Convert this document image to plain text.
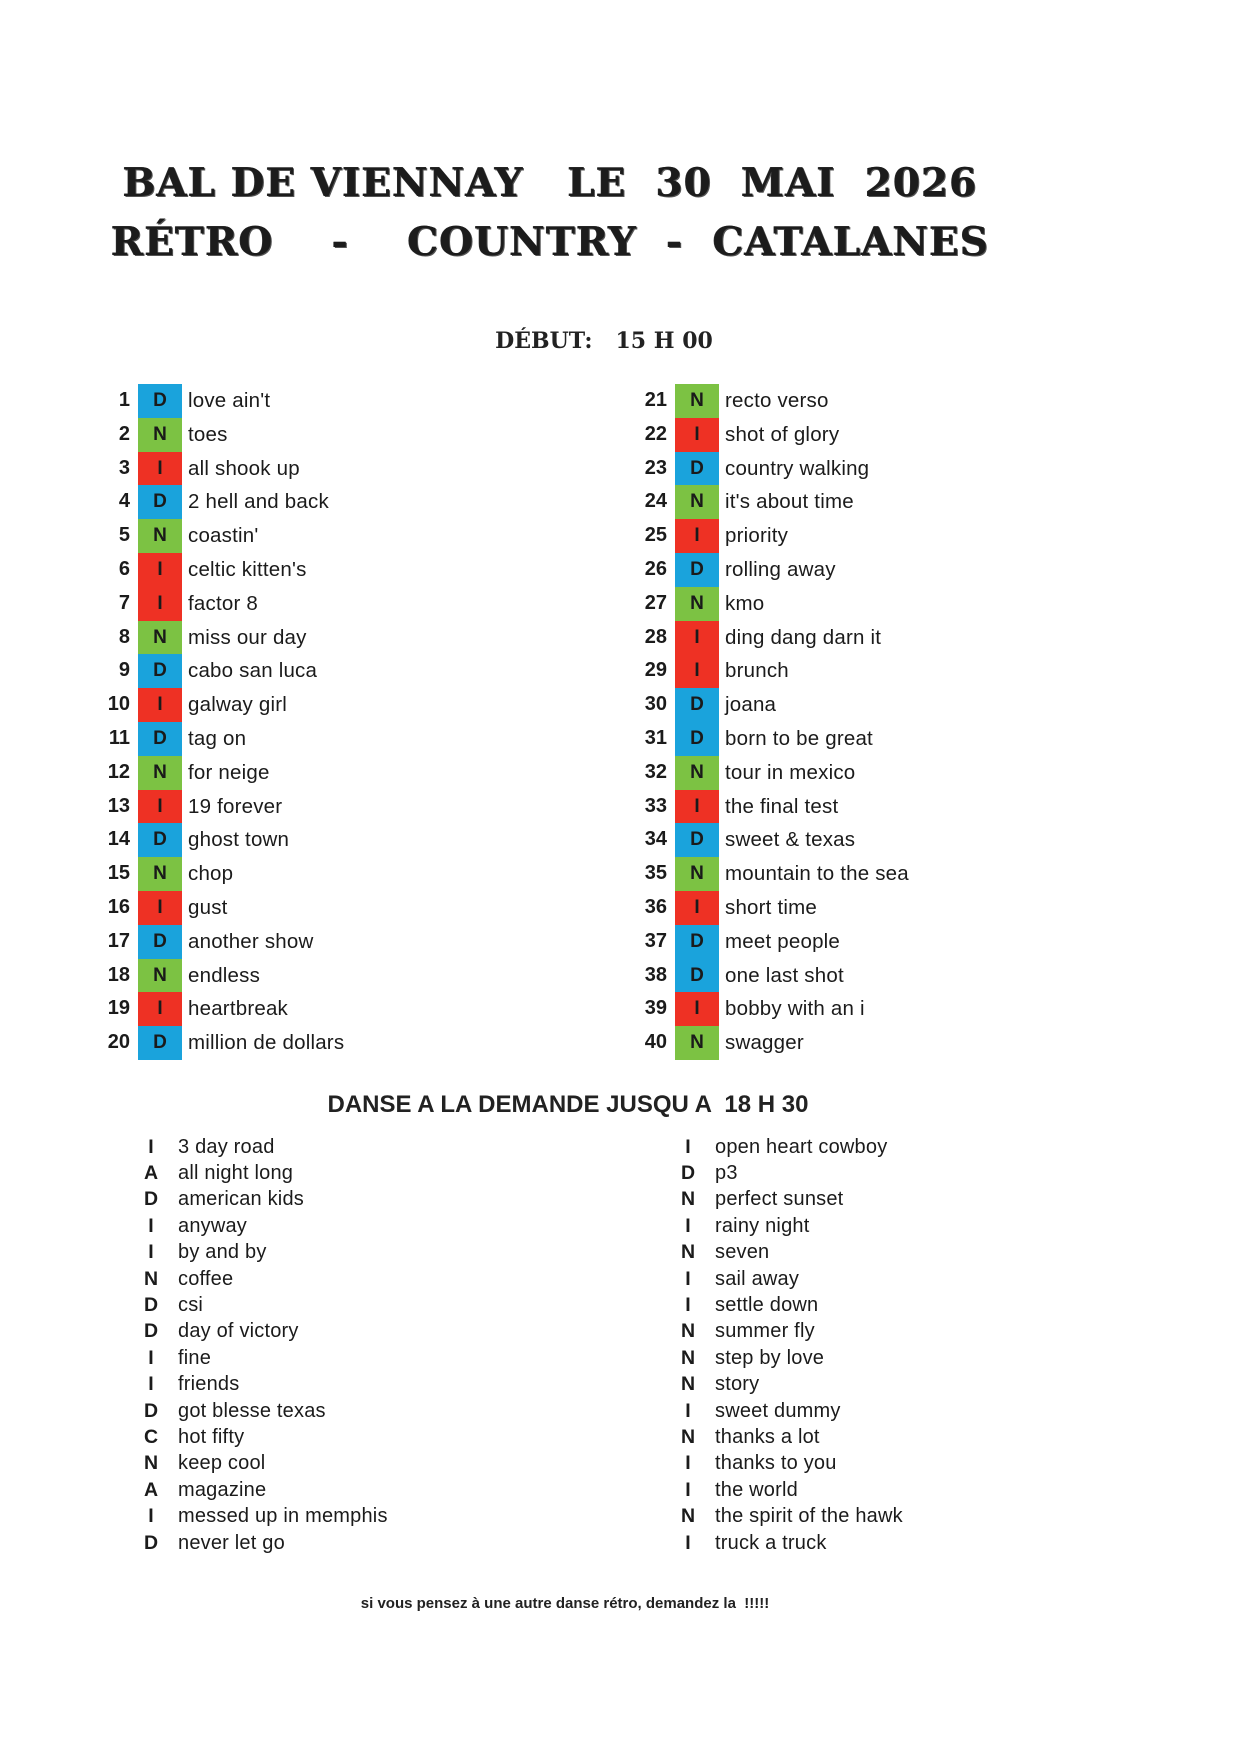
BAL DE VIENNAY   LE  30  MAI  2026
RÉTRO    -    COUNTRY  -  CATALANES
DÉBUT:   15 H 00
1	D	love ain't
2	N	toes
3	I	all shook up
4	D	2 hell and back
5	N	coastin'
6	I	celtic kitten's
7	I	factor 8
8	N	miss our day
9	D	cabo san luca
10	I	galway girl
11	D	tag on
12	N	for neige
13	I	19 forever
14	D	ghost town
15	N	chop
16	I	gust
17	D	another show
18	N	endless
19	I	heartbreak
20	D	million de dollars
21	N	recto verso
22	I	shot of glory
23	D	country walking
24	N	it's about time
25	I	priority
26	D	rolling away
27	N	kmo
28	I	ding dang darn it
29	I	brunch
30	D	joana
31	D	born to be great
32	N	tour in mexico
33	I	the final test
34	D	sweet & texas
35	N	mountain to the sea
36	I	short time
37	D	meet people
38	D	one last shot
39	I	bobby with an i
40	N	swagger
DANSE A LA DEMANDE JUSQU A  18 H 30
I	3 day road
A all night long
D american kids
I	anyway
I	by and by
N coffee
D csi
D day of victory
I	fine
I	friends
D got blesse texas
C hot fifty
N keep cool
A magazine
I	messed up in memphis
D never let go
I	open heart cowboy
D p3
N perfect sunset
I	rainy night
N seven
I	sail away
I	settle down
N summer fly
N step by love
N story
I	sweet dummy
N thanks a lot
I	thanks to you
I	the world
N the spirit of the hawk
I	truck a truck
si vous pensez à une autre danse rétro, demandez la  !!!!!
